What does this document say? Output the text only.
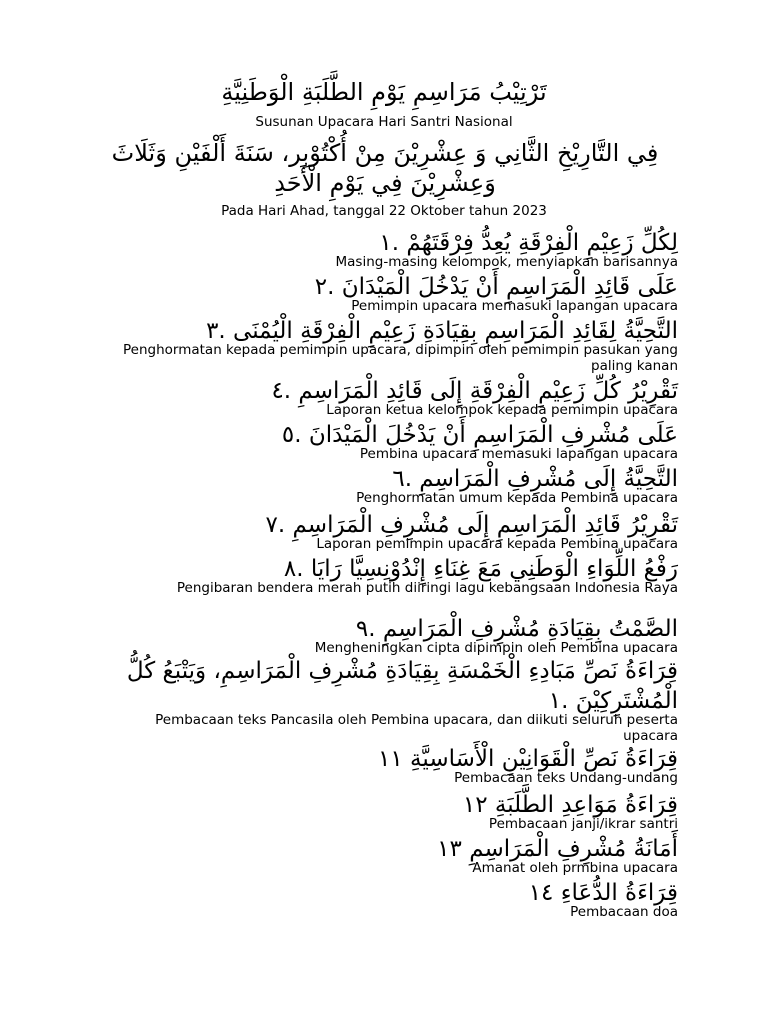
تَرْتِيْبُ مَرَاسِمِ يَوْمِ الطَّلَبَةِ الْوَطَنِيَّةِ
Susunan Upacara Hari Santri Nasional
فِي التَّارِيْخِ الثَّانِي وَ عِشْرِيْنَ مِنْ أُكْتُوْبِر، سَنَةَ أَلْفَيْنِ وَثَلَاثَ وَعِشْرِيْنَ فِي يَوْمِ الْأَحَدِ
Pada Hari Ahad, tanggal 22 Oktober tahun 2023
لِكُلِّ زَعِيْمِ الْفِرْقَةِ يُعِدُّ فِرْقَتَهُمْ .١
Masing-masing kelompok, menyiapkan barisannya
عَلَى قَائِدِ الْمَرَاسِمِ أَنْ يَدْخُلَ الْمَيْدَانَ .٢
Pemimpin upacara memasuki lapangan upacara
التَّحِيَّةُ لِقَائِدِ الْمَرَاسِمِ بِقِيَادَةِ زَعِيْمِ الْفِرْقَةِ الْيُمْنَى .٣
Penghormatan kepada pemimpin upacara, dipimpin oleh pemimpin pasukan yang paling kanan
تَقْرِيْرُ كُلِّ زَعِيْمِ الْفِرْقَةِ إِلَى قَائِدِ الْمَرَاسِمِ .٤
Laporan ketua kelompok kepada pemimpin upacara
عَلَى مُشْرِفِ الْمَرَاسِمِ أَنْ يَدْخُلَ الْمَيْدَانَ .٥
Pembina upacara memasuki lapangan upacara
التَّحِيَّةُ إِلَى مُشْرِفِ الْمَرَاسِمِ .٦
Penghormatan umum kepada Pembina upacara
تَقْرِيْرُ قَائِدِ الْمَرَاسِمِ إِلَى مُشْرِفِ الْمَرَاسِمِ .٧
Laporan pemimpin upacara kepada Pembina upacara
رَفْعُ اللِّوَاءِ الْوَطَنِي مَعَ غِنَاءِ إِنْدُوْنِسِيَّا رَايَا .٨
Pengibaran bendera merah putih diiringi lagu kebangsaan Indonesia Raya
الصَّمْتُ بِقِيَادَةِ مُشْرِفِ الْمَرَاسِمِ .٩
Mengheningkan cipta dipimpin oleh Pembina upacara
قِرَاءَةُ نَصِّ مَبَادِءِ الْخَمْسَةِ بِقِيَادَةِ مُشْرِفِ الْمَرَاسِمِ، وَيَتْبَعُ كُلُّ الْمُشْتَرِكِيْنَ .١
Pembacaan teks Pancasila oleh Pembina upacara, dan diikuti seluruh peserta upacara
قِرَاءَةُ نَصِّ الْقَوَانِيْنِ الْأَسَاسِيَّةِ ١١
Pembacaan teks Undang-undang
قِرَاءَةُ مَوَاعِدِ الطَّلَبَةِ ١٢
Pembacaan janji/ikrar santri
أَمَانَةُ مُشْرِفِ الْمَرَاسِمِ ١٣
Amanat oleh prmbina upacara
قِرَاءَةُ الدُّعَاءِ ١٤
Pembacaan doa
